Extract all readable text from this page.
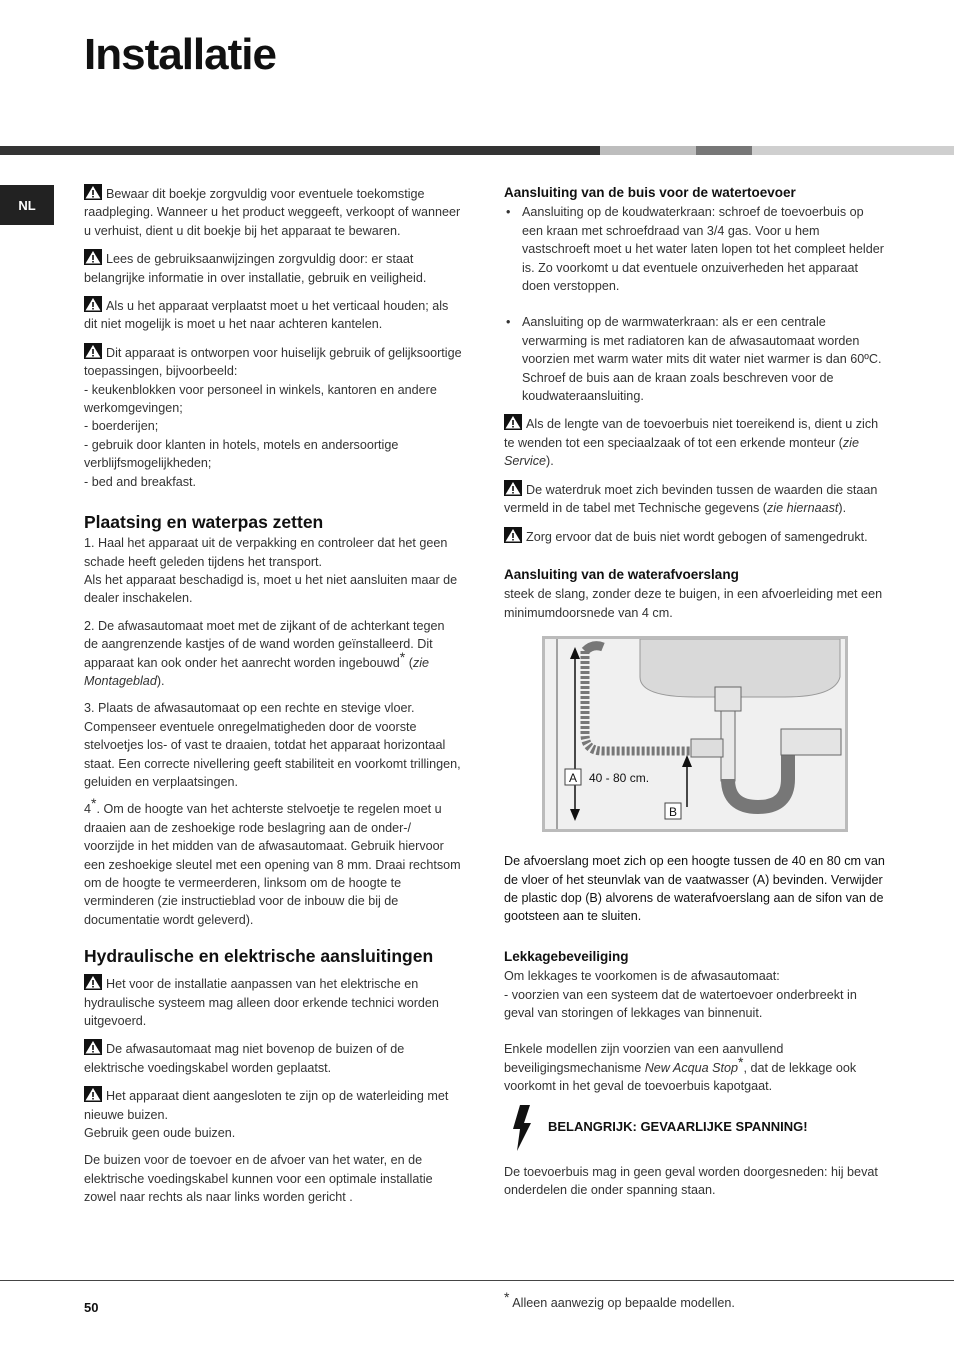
Installatie
NL

Bewaar dit boekje zorgvuldig voor eventuele toekomstige raadpleging. Wanneer u het product weggeeft, verkoopt of wanneer u verhuist, dient u dit boekje bij het apparaat te bewaren.

Lees de gebruiksaanwijzingen zorgvuldig door: er staat belangrijke informatie in over installatie, gebruik en veiligheid.

Als u het apparaat verplaatst moet u het verticaal houden; als dit niet mogelijk is moet u het naar achteren kantelen.

Dit apparaat is ontworpen voor huiselijk gebruik of gelijksoortige toepassingen, bijvoorbeeld:
- keukenblokken voor personeel in winkels, kantoren en andere werkomgevingen;
- boerderijen;
- gebruik door klanten in hotels, motels en andersoortige verblijfsmogelijkheden;
- bed and breakfast.

Plaatsing en waterpas zetten

1. Haal het apparaat uit de verpakking en controleer dat het geen schade heeft geleden tijdens het transport.
Als het apparaat beschadigd is, moet u het niet aansluiten maar de dealer inschakelen.

2. De afwasautomaat moet met de zijkant of de achterkant tegen de aangrenzende kastjes of de wand worden geïnstalleerd. Dit apparaat kan ook onder het aanrecht worden ingebouwd* (zie Montageblad).

3. Plaats de afwasautomaat op een rechte en stevige vloer. Compenseer eventuele onregelmatigheden door de voorste stelvoetjes los- of vast te draaien, totdat het apparaat horizontaal staat. Een correcte nivellering geeft stabiliteit en voorkomt trillingen, geluiden en verplaatsingen.

4*. Om de hoogte van het achterste stelvoetje te regelen moet u draaien aan de zeshoekige rode beslagring aan de onder-/ voorzijde in het midden van de afwasautomaat. Gebruik hiervoor een zeshoekige sleutel met een opening van 8 mm. Draai rechtsom om de hoogte te vermeerderen, linksom om de hoogte te verminderen (zie instructieblad voor de inbouw die bij de documentatie wordt geleverd).

Hydraulische en elektrische aansluitingen

Het voor de installatie aanpassen van het elektrische en hydraulische systeem mag alleen door erkende technici worden uitgevoerd.

De afwasautomaat mag niet bovenop de buizen of de elektrische voedingskabel worden geplaatst.

Het apparaat dient aangesloten te zijn op de waterleiding met nieuwe buizen.
Gebruik geen oude buizen.

De buizen voor de toevoer en de afvoer van het water, en de elektrische voedingskabel kunnen voor een optimale installatie zowel naar rechts als naar links worden gericht .

Aansluiting van de buis voor de watertoevoer
• Aansluiting op de koudwaterkraan: schroef de toevoerbuis op een kraan met schroefdraad van 3/4 gas. Voor u hem vastschroeft moet u het water laten lopen tot het compleet helder is. Zo voorkomt u dat eventuele onzuiverheden het apparaat doen verstoppen.
• Aansluiting op de warmwaterkraan: als er een centrale verwarming is met radiatoren kan de afwasautomaat worden voorzien met warm water mits dit water niet warmer is dan 60ºC.
Schroef de buis aan de kraan zoals beschreven voor de koudwateraansluiting.

Als de lengte van de toevoerbuis niet toereikend is, dient u zich te wenden tot een speciaalzaak of tot een erkende monteur (zie Service).

De waterdruk moet zich bevinden tussen de waarden die staan vermeld in de tabel met Technische gegevens (zie hiernaast).

Zorg ervoor dat de buis niet wordt gebogen of samengedrukt.

Aansluiting van de waterafvoerslang

steek de slang, zonder deze te buigen, in een afvoerleiding met een minimumdoorsnede van 4 cm.

A 40 - 80 cm.
B

De afvoerslang moet zich op een hoogte tussen de 40 en 80 cm van de vloer of het steunvlak van de vaatwasser (A) bevinden. Verwijder de plastic dop (B) alvorens de waterafvoerslang aan de sifon van de gootsteen aan te sluiten.

Lekkagebeveiliging

Om lekkages te voorkomen is de afwasautomaat:
- voorzien van een systeem dat de watertoevoer onderbreekt in geval van storingen of lekkages van binnenuit.

Enkele modellen zijn voorzien van een aanvullend beveiligingsmechanisme New Acqua Stop*, dat de lekkage ook voorkomt in het geval de toevoerbuis kapotgaat.

BELANGRIJK: GEVAARLIJKE SPANNING!

De toevoerbuis mag in geen geval worden doorgesneden: hij bevat onderdelen die onder spanning staan.

50
* Alleen aanwezig op bepaalde modellen.
